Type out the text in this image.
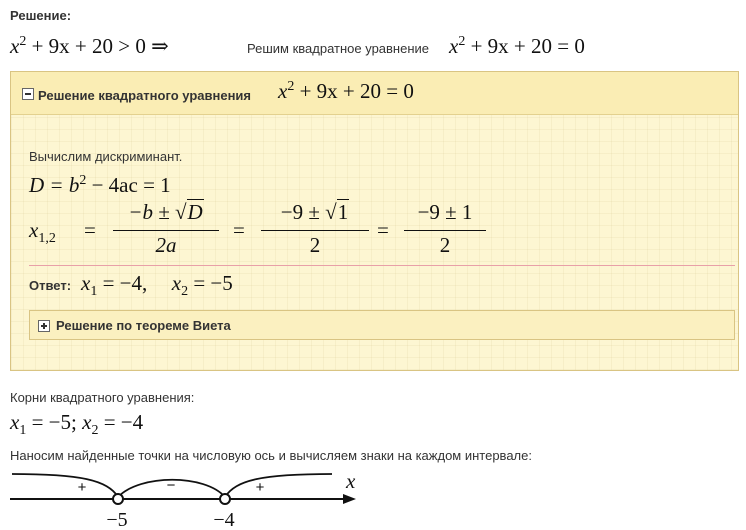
Решение:
$x^2 + 9x + 20 > 0$ ⇒	Решим квадратное уравнение $x^2 + 9x + 20 = 0$
Решение квадратного уравнения $x^2 + 9x + 20 = 0$
Вычислим дискриминант.
$D = b^2 - 4ac = 1$
$x_{1,2}$ =
−b ± √D
2a
=
−9 ± √1
2
=
−9 ± 1
2
Ответ: $x_1 = -4$, $x_2 = -5$
Решение по теореме Виета
Корни квадратного уравнения:
$x_1 = -5$; $x_2 = -4$
Наносим найденные точки на числовую ось и вычисляем знаки на каждом интервале:
+	−	+	x
−5	−4
